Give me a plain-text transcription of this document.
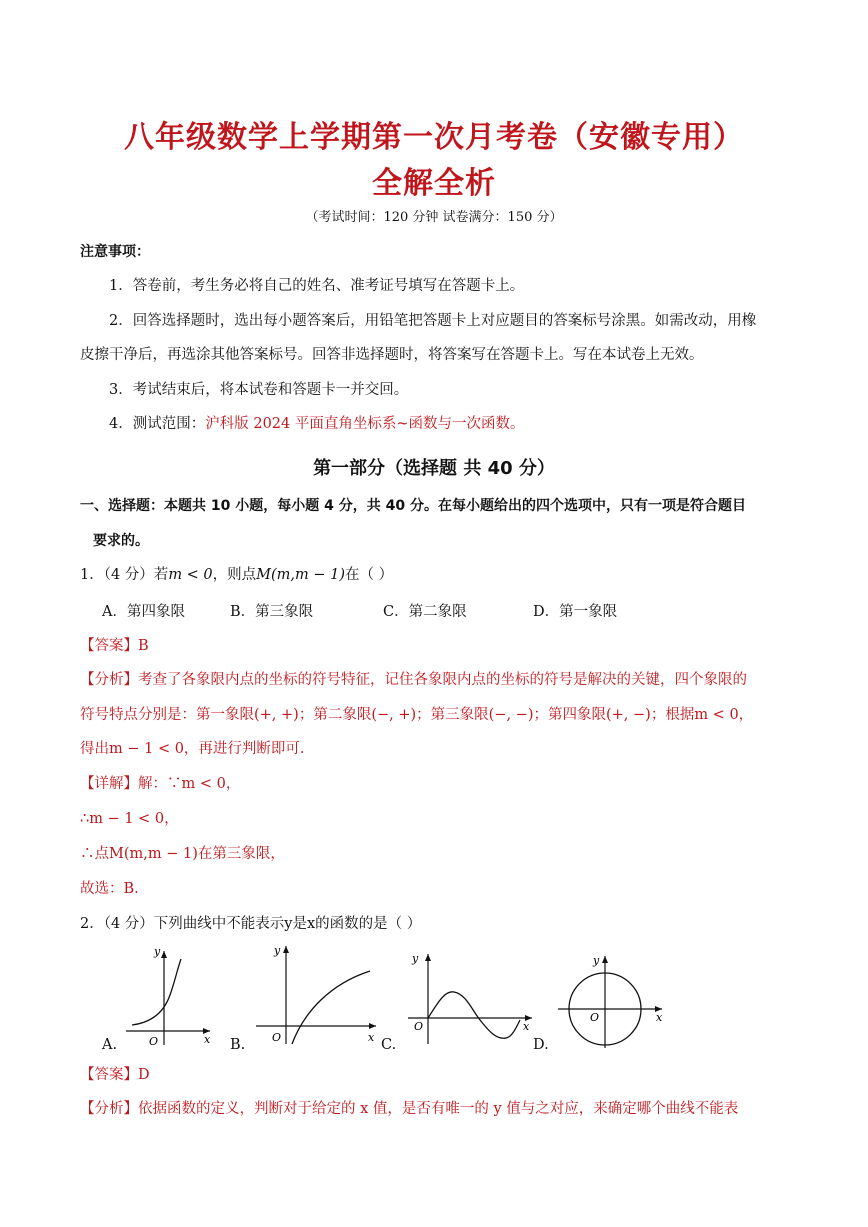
八年级数学上学期第一次月考卷（安徽专用）
全解全析
（考试时间：120 分钟 试卷满分：150 分）
注意事项：
1．答卷前，考生务必将自己的姓名、准考证号填写在答题卡上。
2．回答选择题时，选出每小题答案后，用铅笔把答题卡上对应题目的答案标号涂黑。如需改动，用橡
皮擦干净后，再选涂其他答案标号。回答非选择题时，将答案写在答题卡上。写在本试卷上无效。
3．考试结束后，将本试卷和答题卡一并交回。
4．测试范围：沪科版 2024 平面直角坐标系~函数与一次函数。
第一部分（选择题 共 40 分）
一、选择题：本题共 10 小题，每小题 4 分，共 40 分。在每小题给出的四个选项中，只有一项是符合题目
要求的。
1．（4 分）若m < 0，则点M(m,m − 1)在（ ）
A．第四象限	B．第三象限	C．第二象限	D．第一象限
【答案】B
【分析】考查了各象限内点的坐标的符号特征，记住各象限内点的坐标的符号是解决的关键，四个象限的
符号特点分别是：第一象限(+, +)；第二象限(−, +)；第三象限(−, −)；第四象限(+, −)；根据m < 0，
得出m − 1 < 0，再进行判断即可.
【详解】解：∵m < 0，
∴m − 1 < 0，
∴点M(m,m − 1)在第三象限，
故选：B.
2．（4 分）下列曲线中不能表示y是x的函数的是（ ）
y
O	x
A.
y
O	x
B.
y
O	x
C.
y
O	x
D.
【答案】D
【分析】依据函数的定义，判断对于给定的 x 值，是否有唯一的 y 值与之对应，来确定哪个曲线不能表
